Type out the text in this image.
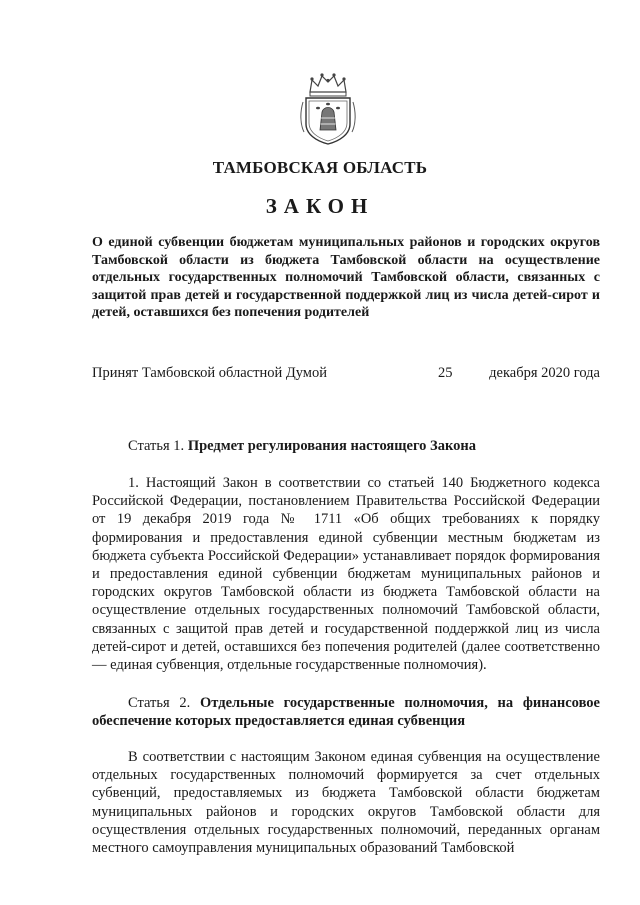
ТАМБОВСКАЯ ОБЛАСТЬ
ЗАКОН
О единой субвенции бюджетам муниципальных районов и городских округов Тамбовской области из бюджета Тамбовской области на осуществление отдельных государственных полномочий Тамбовской области, связанных с защитой прав детей и государственной поддержкой лиц из числа детей-сирот и детей, оставшихся без попечения родителей
Принят Тамбовской областной Думой	25	декабря 2020 года
Статья 1. Предмет регулирования настоящего Закона

1. Настоящий Закон в соответствии со статьей 140 Бюджетного кодекса Российской Федерации, постановлением Правительства Российской Федерации от 19 декабря 2019 года № 1711 «Об общих требованиях к порядку формирования и предоставления единой субвенции местным бюджетам из бюджета субъекта Российской Федерации» устанавливает порядок формирования и предоставления единой субвенции бюджетам муниципальных районов и городских округов Тамбовской области из бюджета Тамбовской области на осуществление отдельных государственных полномочий Тамбовской области, связанных с защитой прав детей и государственной поддержкой лиц из числа детей-сирот и детей, оставшихся без попечения родителей (далее соответственно — единая субвенция, отдельные государственные полномочия).

Статья 2. Отдельные государственные полномочия, на финансовое обеспечение которых предоставляется единая субвенция

В соответствии с настоящим Законом единая субвенция на осуществление отдельных государственных полномочий формируется за счет отдельных субвенций, предоставляемых из бюджета Тамбовской области бюджетам муниципальных районов и городских округов Тамбовской области для осуществления отдельных государственных полномочий, переданных органам местного самоуправления муниципальных образований Тамбовской
